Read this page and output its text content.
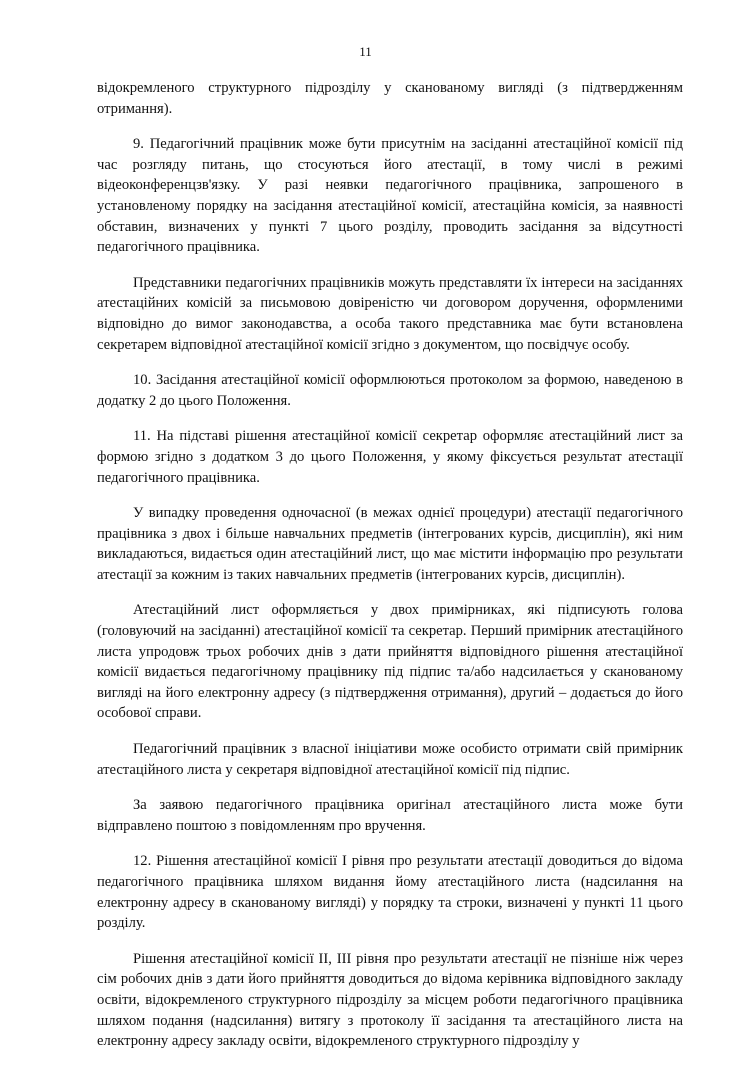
11

відокремленого структурного підрозділу у сканованому вигляді (з підтвердженням отримання).

9. Педагогічний працівник може бути присутнім на засіданні атестаційної комісії під час розгляду питань, що стосуються його атестації, в тому числі в режимі відеоконференцзв'язку. У разі неявки педагогічного працівника, запрошеного в установленому порядку на засідання атестаційної комісії, атестаційна комісія, за наявності обставин, визначених у пункті 7 цього розділу, проводить засідання за відсутності педагогічного працівника.

Представники педагогічних працівників можуть представляти їх інтереси на засіданнях атестаційних комісій за письмовою довіреністю чи договором доручення, оформленими відповідно до вимог законодавства, а особа такого представника має бути встановлена секретарем відповідної атестаційної комісії згідно з документом, що посвідчує особу.

10. Засідання атестаційної комісії оформлюються протоколом за формою, наведеною в додатку 2 до цього Положення.

11. На підставі рішення атестаційної комісії секретар оформляє атестаційний лист за формою згідно з додатком 3 до цього Положення, у якому фіксується результат атестації педагогічного працівника.

У випадку проведення одночасної (в межах однієї процедури) атестації педагогічного працівника з двох і більше навчальних предметів (інтегрованих курсів, дисциплін), які ним викладаються, видається один атестаційний лист, що має містити інформацію про результати атестації за кожним із таких навчальних предметів (інтегрованих курсів, дисциплін).

Атестаційний лист оформляється у двох примірниках, які підписують голова (головуючий на засіданні) атестаційної комісії та секретар. Перший примірник атестаційного листа упродовж трьох робочих днів з дати прийняття відповідного рішення атестаційної комісії видається педагогічному працівнику під підпис та/або надсилається у сканованому вигляді на його електронну адресу (з підтвердження отримання), другий – додається до його особової справи.

Педагогічний працівник з власної ініціативи може особисто отримати свій примірник атестаційного листа у секретаря відповідної атестаційної комісії під підпис.

За заявою педагогічного працівника оригінал атестаційного листа може бути відправлено поштою з повідомленням про вручення.

12. Рішення атестаційної комісії I рівня про результати атестації доводиться до відома педагогічного працівника шляхом видання йому атестаційного листа (надсилання на електронну адресу в сканованому вигляді) у порядку та строки, визначені у пункті 11 цього розділу.

Рішення атестаційної комісії II, III рівня про результати атестації не пізніше ніж через сім робочих днів з дати його прийняття доводиться до відома керівника відповідного закладу освіти, відокремленого структурного підрозділу за місцем роботи педагогічного працівника шляхом подання (надсилання) витягу з протоколу її засідання та атестаційного листа на електронну адресу закладу освіти, відокремленого структурного підрозділу у
